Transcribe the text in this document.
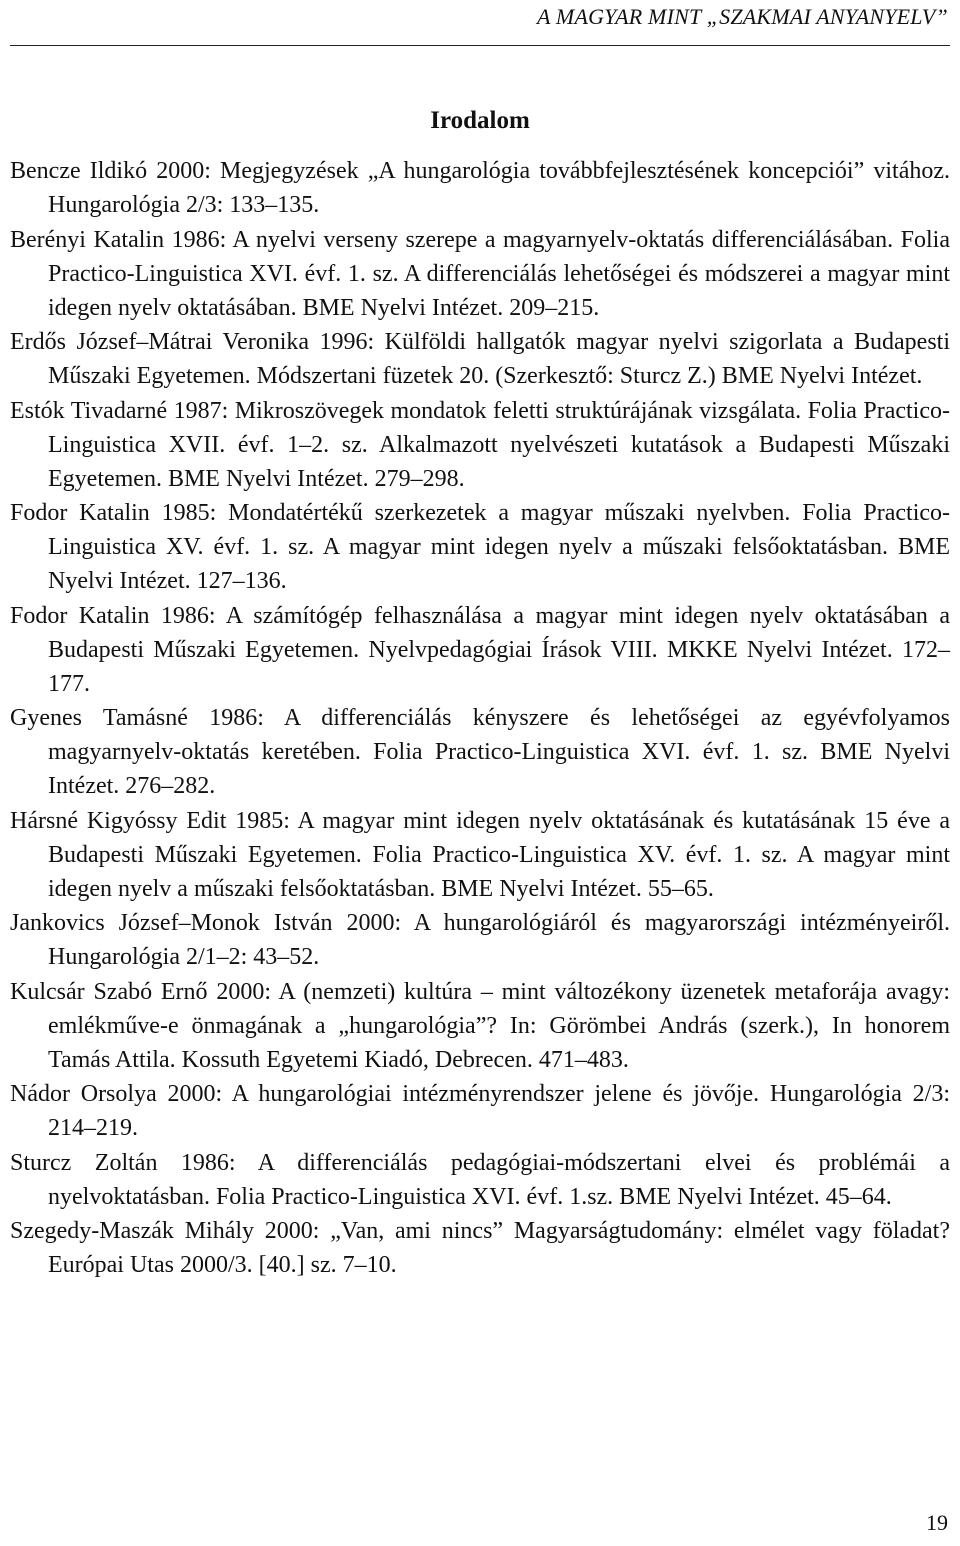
A MAGYAR MINT „SZAKMAI ANYANYELV”
Irodalom
Bencze Ildikó 2000: Megjegyzések „A hungarológia továbbfejlesztésének koncepciói” vitához. Hungarológia 2/3: 133–135.
Berényi Katalin 1986: A nyelvi verseny szerepe a magyarnyelv-oktatás differenciálásában. Folia Practico-Linguistica XVI. évf. 1. sz. A differenciálás lehetőségei és módszerei a magyar mint idegen nyelv oktatásában. BME Nyelvi Intézet. 209–215.
Erdős József–Mátrai Veronika 1996: Külföldi hallgatók magyar nyelvi szigorlata a Budapesti Műszaki Egyetemen. Módszertani füzetek 20. (Szerkesztő: Sturcz Z.) BME Nyelvi Intézet.
Estók Tivadarné 1987: Mikroszövegek mondatok feletti struktúrájának vizsgálata. Folia Practico-Linguistica XVII. évf. 1–2. sz. Alkalmazott nyelvészeti kutatások a Budapesti Műszaki Egyetemen. BME Nyelvi Intézet. 279–298.
Fodor Katalin 1985: Mondatértékű szerkezetek a magyar műszaki nyelvben. Folia Practico-Linguistica XV. évf. 1. sz. A magyar mint idegen nyelv a műszaki felsőoktatásban. BME Nyelvi Intézet. 127–136.
Fodor Katalin 1986: A számítógép felhasználása a magyar mint idegen nyelv oktatásában a Budapesti Műszaki Egyetemen. Nyelvpedagógiai Írások VIII. MKKE Nyelvi Intézet. 172–177.
Gyenes Tamásné 1986: A differenciálás kényszere és lehetőségei az egyévfolyamos magyarnyelv-oktatás keretében. Folia Practico-Linguistica XVI. évf. 1. sz. BME Nyelvi Intézet. 276–282.
Hársné Kigyóssy Edit 1985: A magyar mint idegen nyelv oktatásának és kutatásának 15 éve a Budapesti Műszaki Egyetemen. Folia Practico-Linguistica XV. évf. 1. sz. A magyar mint idegen nyelv a műszaki felsőoktatásban. BME Nyelvi Intézet. 55–65.
Jankovics József–Monok István 2000: A hungarológiáról és magyarországi intézményeiről. Hungarológia 2/1–2: 43–52.
Kulcsár Szabó Ernő 2000: A (nemzeti) kultúra – mint változékony üzenetek metaforája avagy: emlékműve-e önmagának a „hungarológia”? In: Görömbei András (szerk.), In honorem Tamás Attila. Kossuth Egyetemi Kiadó, Debrecen. 471–483.
Nádor Orsolya 2000: A hungarológiai intézményrendszer jelene és jövője. Hungarológia 2/3: 214–219.
Sturcz Zoltán 1986: A differenciálás pedagógiai-módszertani elvei és problémái a nyelvoktatásban. Folia Practico-Linguistica XVI. évf. 1.sz. BME Nyelvi Intézet. 45–64.
Szegedy-Maszák Mihály 2000: „Van, ami nincs” Magyarságtudomány: elmélet vagy föladat? Európai Utas 2000/3. [40.] sz. 7–10.
19
